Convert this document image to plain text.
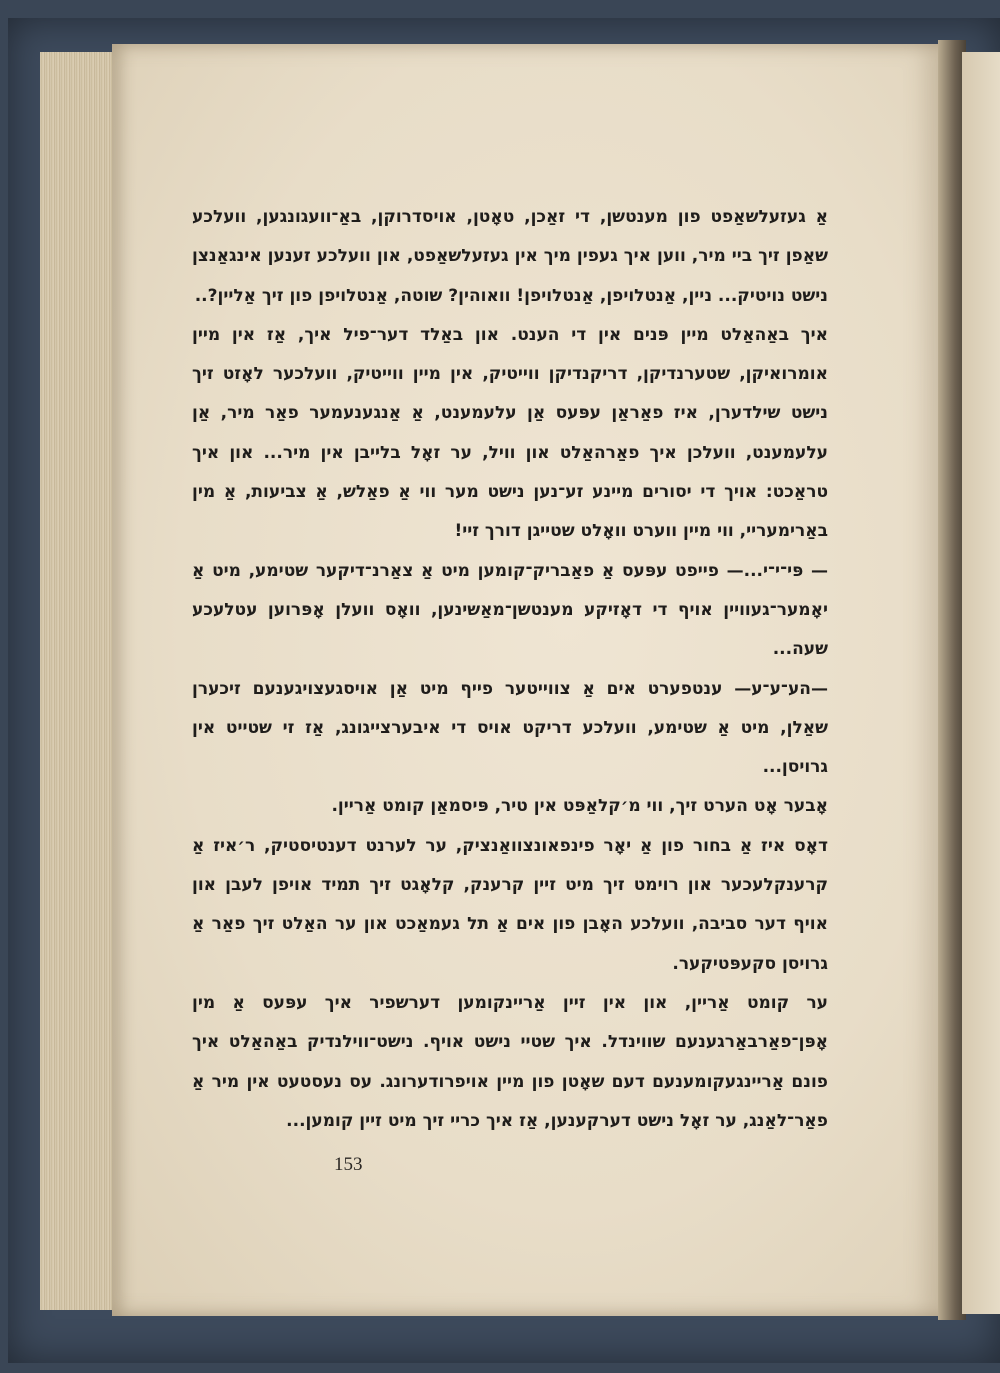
אַ געזעלשאַפט פון מענטשן, די זאַכן, טאָטן, אויסדרוקן, באַ־וועגונגען, וועלכע שאַפן זיך ביי מיר, ווען איך געפין מיך אין געזעלשאַפט, און וועלכע זענען אינגאַנצן נישט נויטיק... ניין, אַנטלויפן, אַנטלויפן! וואוהין? שוטה, אַנטלויפן פון זיך אַליין?..

איך באַהאַלט מיין פּנים אין די הענט. און באַלד דער־פיל איך, אַז אין מיין אומרואיקן, שטערנדיקן, דריקנדיקן ווייטיק, אין מיין ווייטיק, וועלכער לאָזט זיך נישט שילדערן, איז פאַראַן עפּעס אַן עלעמענט, אַ אַנגענעמער פאַר מיר, אַן עלעמענט, וועלכן איך פאַרהאַלט און וויל, ער זאָל בלייבן אין מיר... און איך טראַכט: אויך די יסורים מיינע זע־נען נישט מער ווי אַ פאַלש, אַ צביעות, אַ מין באַרימעריי, ווי מיין ווערט וואָלט שטייגן דורך זיי!

— פּי־י־י...— פייפט עפּעס אַ פאַבריק־קומען מיט אַ צאַרנ־דיקער שטימע, מיט אַ יאָמער־געוויין אויף די דאָזיקע מענטשן־מאַשינען, וואָס וועלן אָפּרוען עטלעכע שעה...

—הע־ע־ע— ענטפערט אים אַ צווייטער פייף מיט אַן אויסגעצויגענעם זיכערן שאַלן, מיט אַ שטימע, וועלכע דריקט אויס די איבערצייגונג, אַז זי שטייט אין גרויסן...

אָבער אָט הערט זיך, ווי מ׳קלאַפּט אין טיר, פּיסמאַן קומט אַריין.

דאָס איז אַ בחור פון אַ יאָר פינפאונצוואַנציק, ער לערנט דענטיסטיק, ר׳איז אַ קרענקלעכער און רוימט זיך מיט זיין קרענק, קלאָגט זיך תמיד אויפן לעבן און אויף דער סביבה, וועלכע האָבן פון אים אַ תל געמאַכט און ער האַלט זיך פאַר אַ גרויסן סקעפּטיקער.

ער קומט אַריין, און אין זיין אַריינקומען דערשפיר איך עפּעס אַ מין אָפּן־פאַרבאַרגענעם שווינדל. איך שטיי נישט אויף. נישט־ווילנדיק באַהאַלט איך פונם אַריינגעקומענעם דעם שאָטן פון מיין אויפרודערונג. עס נעסטעט אין מיר אַ פאַר־לאַנג, ער זאָל נישט דערקענען, אַז איך כריי זיך מיט זיין קומען...

153
